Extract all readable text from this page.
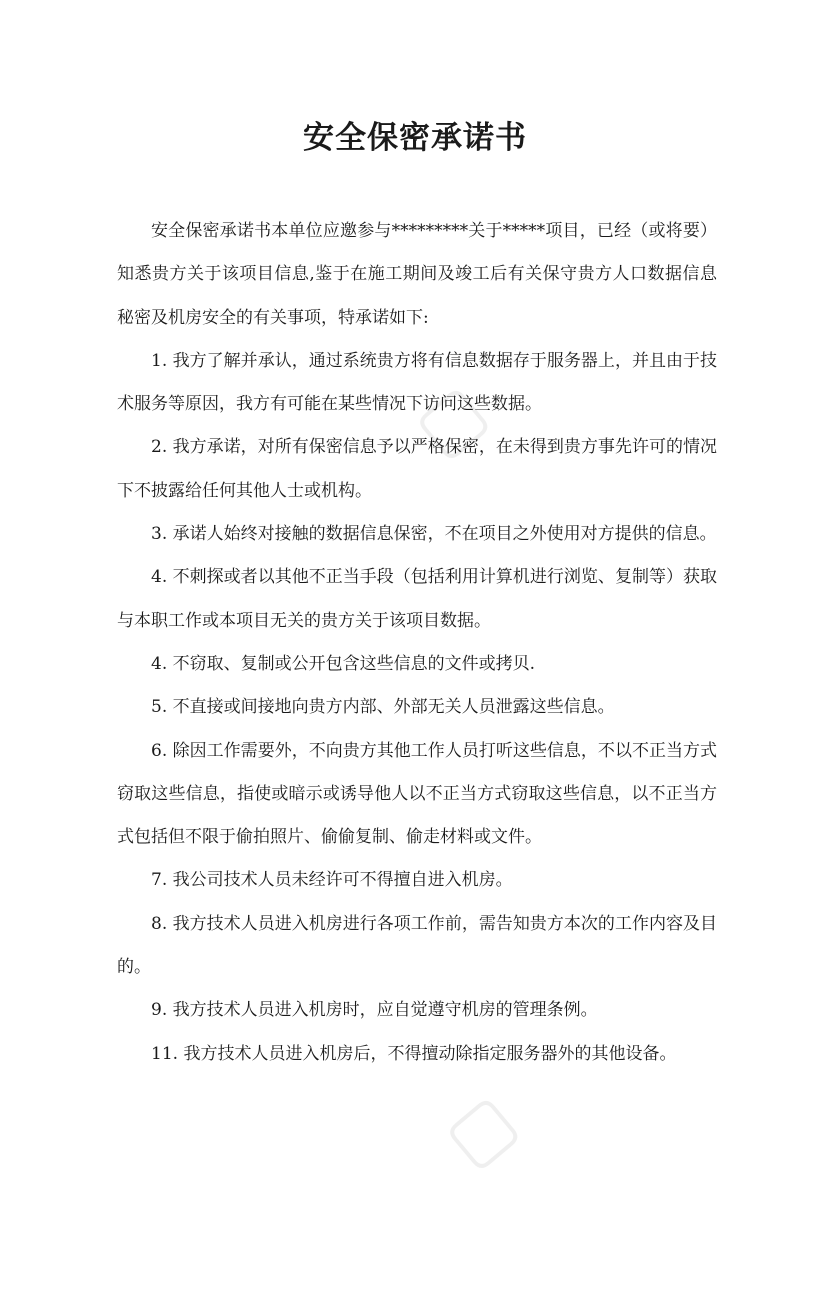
▢
▢
安全保密承诺书

安全保密承诺书本单位应邀参与*********关于*****项目，已经（或将要）知悉贵方关于该项目信息,鉴于在施工期间及竣工后有关保守贵方人口数据信息秘密及机房安全的有关事项，特承诺如下:

1. 我方了解并承认，通过系统贵方将有信息数据存于服务器上，并且由于技术服务等原因，我方有可能在某些情况下访问这些数据。

2. 我方承诺，对所有保密信息予以严格保密，在未得到贵方事先许可的情况下不披露给任何其他人士或机构。

3. 承诺人始终对接触的数据信息保密，不在项目之外使用对方提供的信息。

4. 不刺探或者以其他不正当手段（包括利用计算机进行浏览、复制等）获取与本职工作或本项目无关的贵方关于该项目数据。

4. 不窃取、复制或公开包含这些信息的文件或拷贝.

5. 不直接或间接地向贵方内部、外部无关人员泄露这些信息。

6. 除因工作需要外，不向贵方其他工作人员打听这些信息，不以不正当方式窃取这些信息，指使或暗示或诱导他人以不正当方式窃取这些信息，以不正当方式包括但不限于偷拍照片、偷偷复制、偷走材料或文件。

7. 我公司技术人员未经许可不得擅自进入机房。

8. 我方技术人员进入机房进行各项工作前，需告知贵方本次的工作内容及目的。

9. 我方技术人员进入机房时，应自觉遵守机房的管理条例。

11. 我方技术人员进入机房后，不得擅动除指定服务器外的其他设备。
